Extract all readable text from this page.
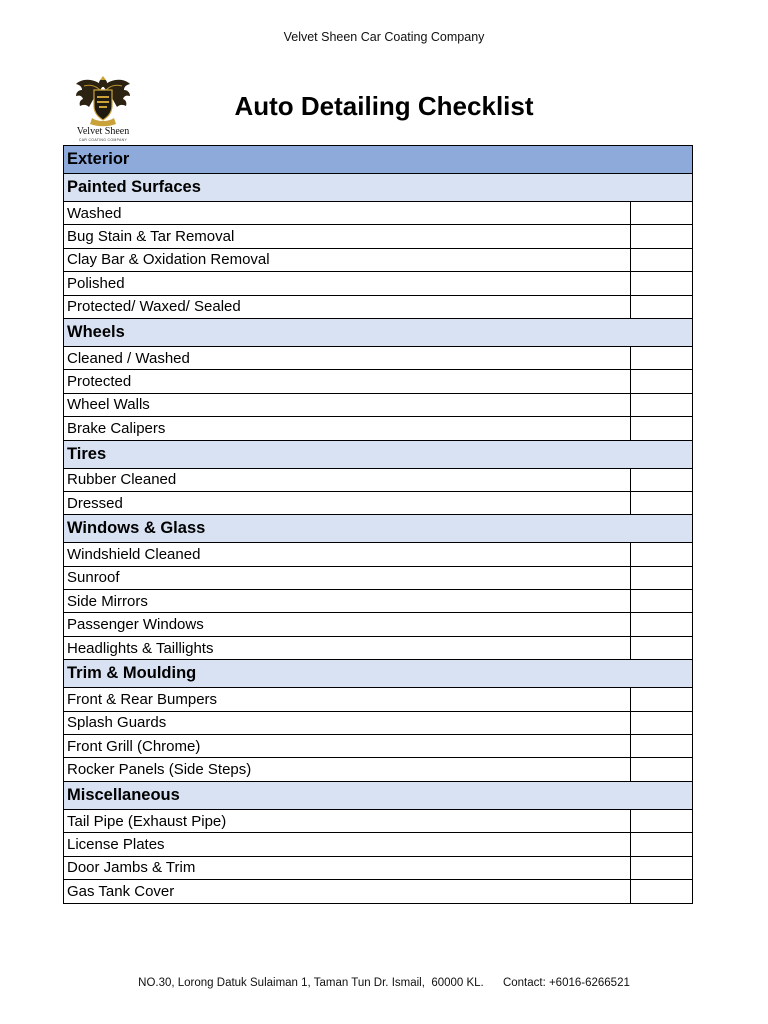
Velvet Sheen Car Coating Company
Velvet Sheen
CAR COATING COMPANY
Auto Detailing Checklist
Exterior
Painted Surfaces
Washed
Bug Stain & Tar Removal
Clay Bar & Oxidation Removal
Polished
Protected/ Waxed/ Sealed
Wheels
Cleaned / Washed
Protected
Wheel Walls
Brake Calipers
Tires
Rubber Cleaned
Dressed
Windows & Glass
Windshield Cleaned
Sunroof
Side Mirrors
Passenger Windows
Headlights & Taillights
Trim & Moulding
Front & Rear Bumpers
Splash Guards
Front Grill (Chrome)
Rocker Panels (Side Steps)
Miscellaneous
Tail Pipe (Exhaust Pipe)
License Plates
Door Jambs & Trim
Gas Tank Cover
NO.30, Lorong Datuk Sulaiman 1, Taman Tun Dr. Ismail,  60000 KL. Contact: +6016-6266521
